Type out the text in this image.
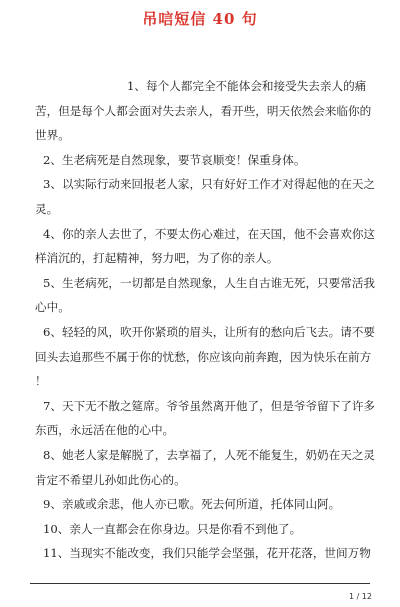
吊唁短信 40 句

1、每个人都完全不能体会和接受失去亲人的痛苦，但是每个人都会面对失去亲人，看开些，明天依然会来临你的世界。

2、生老病死是自然现象，要节哀顺变！保重身体。

3、以实际行动来回报老人家，只有好好工作才对得起他的在天之灵。

4、你的亲人去世了，不要太伤心难过，在天国，他不会喜欢你这样消沉的，打起精神，努力吧，为了你的亲人。

5、生老病死，一切都是自然现象，人生自古谁无死，只要常活我心中。

6、轻轻的风，吹开你紧琐的眉头，让所有的愁向后飞去。请不要回头去追那些不属于你的忧愁，你应该向前奔跑，因为快乐在前方 ！

7、天下无不散之筵席。爷爷虽然离开他了，但是爷爷留下了许多东西，永远活在他的心中。

8、她老人家是解脱了，去享福了，人死不能复生，奶奶在天之灵肯定不希望儿孙如此伤心的。

9、亲戚或余悲，他人亦已歌。死去何所道，托体同山阿。

10、亲人一直都会在你身边。只是你看不到他了。

11、当现实不能改变，我们只能学会坚强，花开花落，世间万物

1 / 12
